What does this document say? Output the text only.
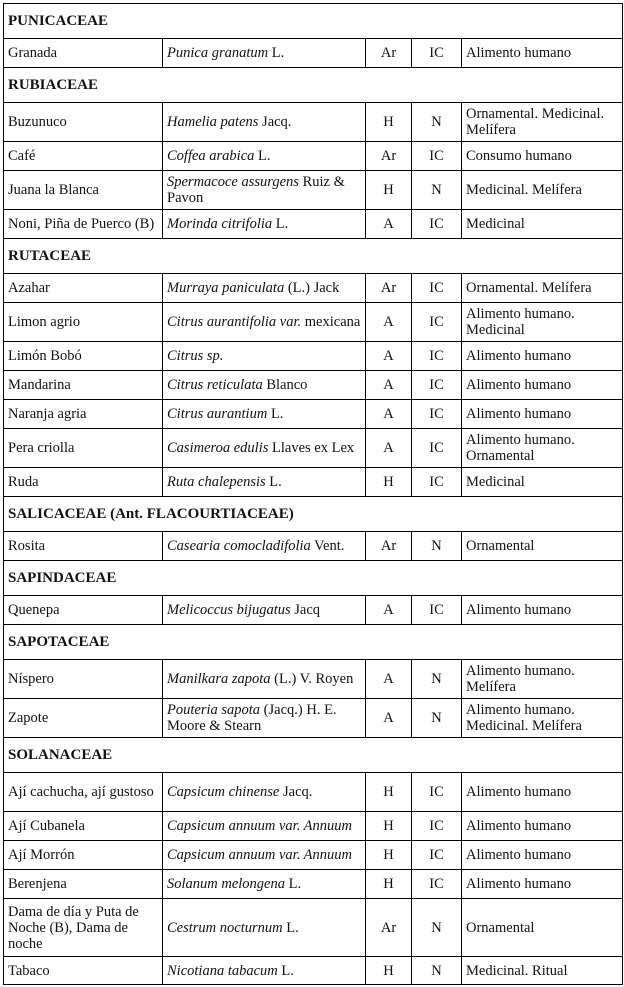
PUNICACEAE				
Granada	Punica granatum L.	Ar	IC	Alimento humano
RUBIACEAE				
Buzunuco	Hamelia patens Jacq.	H	N	Ornamental. Medicinal. Melífera
Café	Coffea arabica L.	Ar	IC	Consumo humano
Juana la Blanca	Spermacoce assurgens Ruiz & Pavon	H	N	Medicinal. Melífera
Noni, Piña de Puerco (B)	Morinda citrifolia L.	A	IC	Medicinal
RUTACEAE				
Azahar	Murraya paniculata (L.) Jack	Ar	IC	Ornamental. Melífera
Limon agrio	Citrus aurantifolia var. mexicana	A	IC	Alimento humano. Medicinal
Limón Bobó	Citrus sp.	A	IC	Alimento humano
Mandarina	Citrus reticulata Blanco	A	IC	Alimento humano
Naranja agria	Citrus aurantium L.	A	IC	Alimento humano
Pera criolla	Casimeroa edulis Llaves ex Lex	A	IC	Alimento humano. Ornamental
Ruda	Ruta chalepensis L.	H	IC	Medicinal
SALICACEAE (Ant. FLACOURTIACEAE)				
Rosita	Casearia comocladifolia Vent.	Ar	N	Ornamental
SAPINDACEAE				
Quenepa	Melicoccus bijugatus Jacq	A	IC	Alimento humano
SAPOTACEAE				
Níspero	Manilkara zapota (L.) V. Royen	A	N	Alimento humano. Melífera
Zapote	Pouteria sapota (Jacq.) H. E. Moore & Stearn	A	N	Alimento humano. Medicinal. Melífera
SOLANACEAE				
Ají cachucha, ají gustoso	Capsicum chinense Jacq.	H	IC	Alimento humano
Ají Cubanela	Capsicum annuum var. Annuum	H	IC	Alimento humano
Ají Morrón	Capsicum annuum var. Annuum	H	IC	Alimento humano
Berenjena	Solanum melongena L.	H	IC	Alimento humano
Dama de día y Puta de Noche (B), Dama de noche	Cestrum nocturnum L.	Ar	N	Ornamental
Tabaco	Nicotiana tabacum L.	H	N	Medicinal. Ritual
